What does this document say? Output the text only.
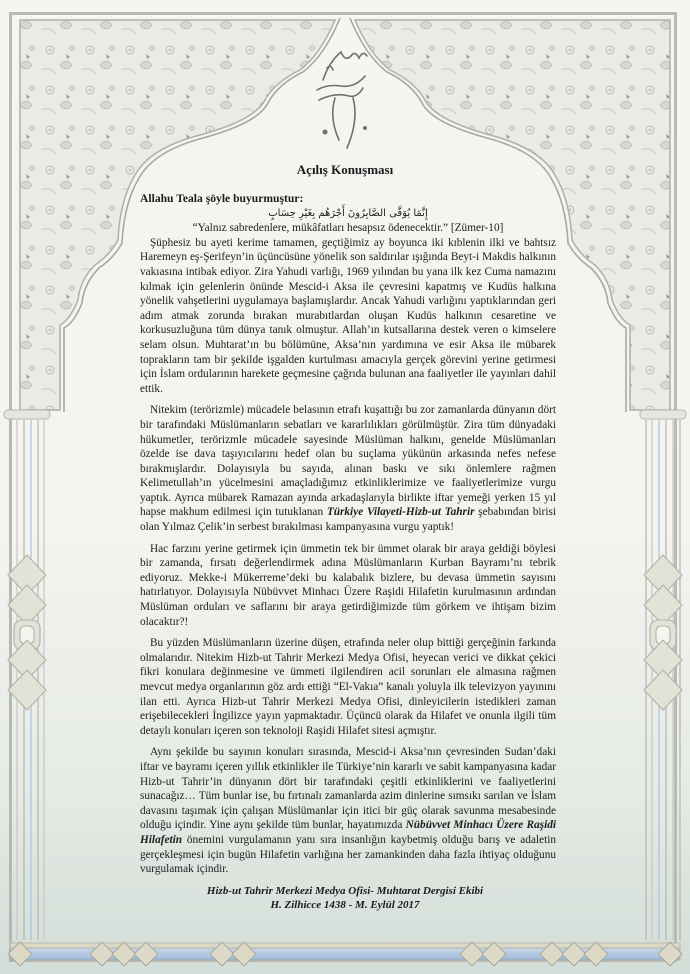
Açılış Konuşması
Allahu Teala şöyle buyurmuştur:
إِنَّمَا يُوَفَّى الصَّابِرُونَ أَجْرَهُم بِغَيْرِ حِسَابٍ
“Yalnız sabredenlere, mükâfatları hesapsız ödenecektir.” [Zümer-10]

Şüphesiz bu ayeti kerime tamamen, geçtiğimiz ay boyunca iki kıblenin ilki ve bahtsız Haremeyn eş-Şerifeyn’in üçüncüsüne yönelik son saldırılar ışığında Beyt-i Makdis halkının vakıasına intibak ediyor. Zira Yahudi varlığı, 1969 yılından bu yana ilk kez Cuma namazını kılmak için gelenlerin önünde Mescid-i Aksa ile çevresini kapatmış ve Kudüs halkına yönelik vahşetlerini uygulamaya başlamışlardır. Ancak Yahudi varlığını yaptıklarından geri adım atmak zorunda bırakan murabıtlardan oluşan Kudüs halkının cesaretine ve korkusuzluğuna tüm dünya tanık olmuştur. Allah’ın kutsallarına destek veren o kimselere selam olsun. Muhtarat’ın bu bölümüne, Aksa’nın yardımına ve esir Aksa ile mübarek toprakların tam bir şekilde işgalden kurtulması amacıyla gerçek görevini yerine getirmesi için İslam ordularının harekete geçmesine çağrıda bulunan ana faaliyetler ile yayınları dahil ettik.

Nitekim (terörizmle) mücadele belasının etrafı kuşattığı bu zor zamanlarda dünyanın dört bir tarafındaki Müslümanların sebatları ve kararlılıkları görülmüştür. Zira tüm dünyadaki hükumetler, terörizmle mücadele sayesinde Müslüman halkını, genelde Müslümanları özelde ise dava taşıyıcılarını hedef olan bu suçlama yükünün arkasında nefes nefese bırakmışlardır. Dolayısıyla bu sayıda, alınan baskı ve sıkı önlemlere rağmen Kelimetullah’ın yücelmesini amaçladığımız etkinliklerimize ve faaliyetlerimize vurgu yaptık. Ayrıca mübarek Ramazan ayında arkadaşlarıyla birlikte iftar yemeği yerken 15 yıl hapse makhum edilmesi için tutuklanan Türkiye Vilayeti-Hizb-ut Tahrir şebabından birisi olan Yılmaz Çelik’in serbest bırakılması kampanyasına vurgu yaptık!

Hac farzını yerine getirmek için ümmetin tek bir ümmet olarak bir araya geldiği böylesi bir zamanda, fırsatı değerlendirmek adına Müslümanların Kurban Bayramı’nı tebrik ediyoruz. Mekke-i Mükerreme’deki bu kalabalık bizlere, bu devasa ümmetin sayısını hatırlatıyor. Dolayısıyla Nübüvvet Minhacı Üzere Raşidi Hilafetin kurulmasının ardından Müslüman orduları ve saflarını bir araya getirdiğimizde tüm görkem ve ihtişam bizim olacaktır?!

Bu yüzden Müslümanların üzerine düşen, etrafında neler olup bittiği gerçeğinin farkında olmalarıdır. Nitekim Hizb-ut Tahrir Merkezi Medya Ofisi, heyecan verici ve dikkat çekici fikri konulara değinmesine ve ümmeti ilgilendiren acil sorunları ele almasına rağmen mevcut medya organlarının göz ardı ettiği “El-Vakıa” kanalı yoluyla ilk televizyon yayınını ilan etti. Ayrıca Hizb-ut Tahrir Merkezi Medya Ofisi, dinleyicilerin istedikleri zaman erişebilecekleri İngilizce yayın yapmaktadır. Üçüncü olarak da Hilafet ve onunla ilgili tüm detaylı konuları içeren son teknoloji Raşidi Hilafet sitesi açmıştır.

Aynı şekilde bu sayının konuları sırasında, Mescid-i Aksa’nın çevresinden Sudan’daki iftar ve bayramı içeren yıllık etkinlikler ile Türkiye’nin kararlı ve sabit kampanyasına kadar Hizb-ut Tahrir’in dünyanın dört bir tarafındaki çeşitli etkinliklerini ve faaliyetlerini sunacağız… Tüm bunlar ise, bu fırtınalı zamanlarda azim dinlerine sımsıkı sarılan ve İslam davasını taşımak için çalışan Müslümanlar için itici bir güç olarak savunma mesabesinde olduğu içindir. Yine aynı şekilde tüm bunlar, hayatımızda Nübüvvet Minhacı Üzere Raşidi Hilafetin önemini vurgulamanın yanı sıra insanlığın kaybetmiş olduğu barış ve adaletin gerçekleşmesi için bugün Hilafetin varlığına her zamankinden daha fazla ihtiyaç olduğunu vurgulamak içindir.

Hizb-ut Tahrir Merkezi Medya Ofisi- Muhtarat Dergisi Ekibi
H. Zilhicce 1438 - M. Eylül 2017
